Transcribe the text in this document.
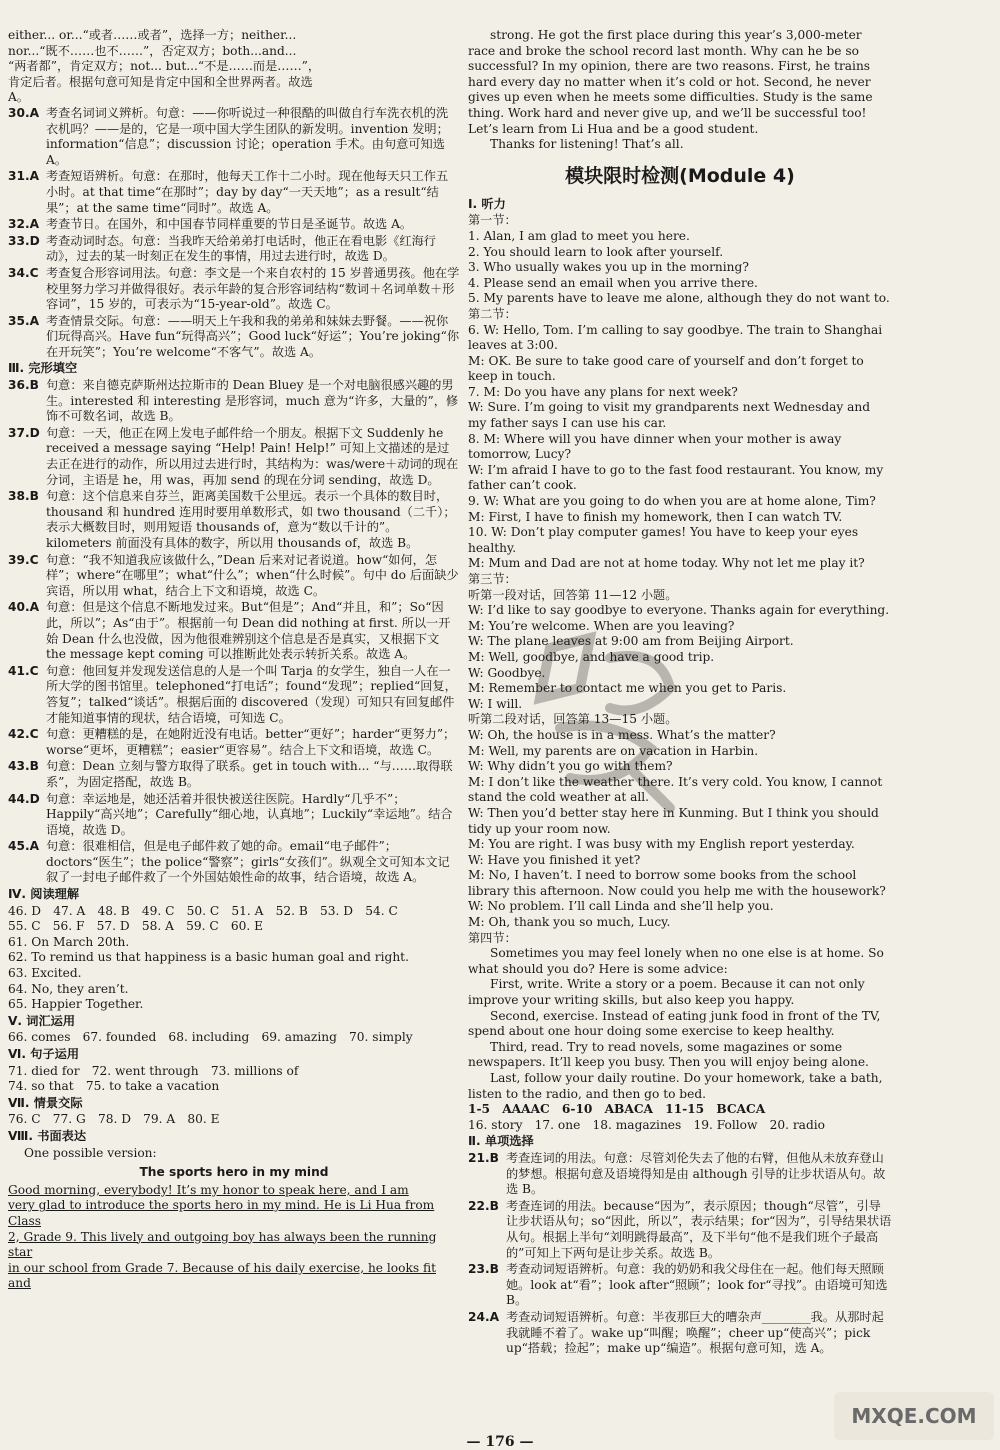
either... or...“或者……或者”，选择一方；neither...

nor...“既不……也不……”，否定双方；both...and...

“两者都”，肯定双方；not... but...“不是……而是……”，

肯定后者。根据句意可知是肯定中国和全世界两者。故选

A。

30.A 考查名词词义辨析。句意：——你听说过一种很酷的叫做自行车洗衣机的洗衣机吗？——是的，它是一项中国大学生团队的新发明。invention 发明；information“信息”；discussion 讨论；operation 手术。由句意可知选 A。
31.A 考查短语辨析。句意：在那时，他每天工作十二小时。现在他每天只工作五小时。at that time“在那时”；day by day“一天天地”；as a result“结果”；at the same time“同时”。故选 A。
32.A 考查节日。在国外，和中国春节同样重要的节日是圣诞节。故选 A。
33.D 考查动词时态。句意：当我昨天给弟弟打电话时，他正在看电影《红海行动》，过去的某一时刻正在发生的事情，用过去进行时，故选 D。
34.C 考查复合形容词用法。句意：李文是一个来自农村的 15 岁普通男孩。他在学校里努力学习并做得很好。表示年龄的复合形容词结构“数词＋名词单数＋形容词”，15 岁的，可表示为“15-year-old”。故选 C。
35.A 考查情景交际。句意：——明天上午我和我的弟弟和妹妹去野餐。——祝你们玩得高兴。Have fun“玩得高兴”；Good luck“好运”；You’re joking“你在开玩笑”；You’re welcome“不客气”。故选 A。

Ⅲ. 完形填空

36.B 句意：来自德克萨斯州达拉斯市的 Dean Bluey 是一个对电脑很感兴趣的男生。interested 和 interesting 是形容词，much 意为“许多，大量的”，修饰不可数名词，故选 B。
37.D 句意：一天，他正在网上发电子邮件给一个朋友。根据下文 Suddenly he received a message saying “Help! Pain! Help!” 可知上文描述的是过去正在进行的动作，所以用过去进行时，其结构为：was/were＋动词的现在分词，主语是 he，用 was，再加 send 的现在分词 sending，故选 D。
38.B 句意：这个信息来自芬兰，距离美国数千公里远。表示一个具体的数目时，thousand 和 hundred 连用时要用单数形式，如 two thousand（二千）；表示大概数目时，则用短语 thousands of，意为“数以千计的”。kilometers 前面没有具体的数字，所以用 thousands of，故选 B。
39.C 句意：“我不知道我应该做什么，”Dean 后来对记者说道。how“如何，怎样”；where“在哪里”；what“什么”；when“什么时候”。句中 do 后面缺少宾语，所以用 what，结合上下文和语境，故选 C。
40.A 句意：但是这个信息不断地发过来。But“但是”；And“并且，和”；So“因此，所以”；As“由于”。根据前一句 Dean did nothing at first. 所以一开始 Dean 什么也没做，因为他很难辨别这个信息是否是真实，又根据下文 the message kept coming 可以推断此处表示转折关系。故选 A。
41.C 句意：他回复并发现发送信息的人是一个叫 Tarja 的女学生，独自一人在一所大学的图书馆里。telephoned“打电话”；found“发现”；replied“回复，答复”；talked“谈话”。根据后面的 discovered（发现）可知只有回复邮件才能知道事情的现状，结合语境，可知选 C。
42.C 句意：更糟糕的是，在她附近没有电话。better“更好”；harder“更努力”；worse“更坏，更糟糕”；easier“更容易”。结合上下文和语境，故选 C。
43.B 句意：Dean 立刻与警方取得了联系。get in touch with... “与……取得联系”，为固定搭配，故选 B。
44.D 句意：幸运地是，她还活着并很快被送往医院。Hardly“几乎不”；Happily“高兴地”；Carefully“细心地，认真地”；Luckily“幸运地”。结合语境，故选 D。
45.A 句意：很难相信，但是电子邮件救了她的命。email“电子邮件”；doctors“医生”；the police“警察”；girls“女孩们”。纵观全文可知本文记叙了一封电子邮件救了一个外国姑娘性命的故事，结合语境，故选 A。

Ⅳ. 阅读理解

46. D　47. A　48. B　49. C　50. C　51. A　52. B　53. D　54. C

55. C　56. F　57. D　58. A　59. C　60. E

61. On March 20th.

62. To remind us that happiness is a basic human goal and right.

63. Excited.

64. No, they aren’t.

65. Happier Together.

Ⅴ. 词汇运用

66. comes　67. founded　68. including　69. amazing　70. simply

Ⅵ. 句子运用

71. died for　72. went through　73. millions of

74. so that　75. to take a vacation

Ⅶ. 情景交际

76. C　77. G　78. D　79. A　80. E

Ⅷ. 书面表达

One possible version:

The sports hero in my mind

Good morning, everybody! It’s my honor to speak here, and I am

very glad to introduce the sports hero in my mind. He is Li Hua from Class

2, Grade 9. This lively and outgoing boy has always been the running star

in our school from Grade 7. Because of his daily exercise, he looks fit and

strong. He got the first place during this year’s 3,000-meter race and broke the school record last month. Why can he be so successful? In my opinion, there are two reasons. First, he trains hard every day no matter when it’s cold or hot. Second, he never gives up even when he meets some difficulties. Study is the same thing. Work hard and never give up, and we’ll be successful too! Let’s learn from Li Hua and be a good student.

Thanks for listening! That’s all.

模块限时检测(Module 4)

Ⅰ. 听力

第一节：

1. Alan, I am glad to meet you here.

2. You should learn to look after yourself.

3. Who usually wakes you up in the morning?

4. Please send an email when you arrive there.

5. My parents have to leave me alone, although they do not want to.

第二节：

6. W: Hello, Tom. I’m calling to say goodbye. The train to Shanghai leaves at 3:00.

M: OK. Be sure to take good care of yourself and don’t forget to keep in touch.

7. M: Do you have any plans for next week?

W: Sure. I’m going to visit my grandparents next Wednesday and my father says I can use his car.

8. M: Where will you have dinner when your mother is away tomorrow, Lucy?

W: I’m afraid I have to go to the fast food restaurant. You know, my father can’t cook.

9. W: What are you going to do when you are at home alone, Tim?

M: First, I have to finish my homework, then I can watch TV.

10. W: Don’t play computer games! You have to keep your eyes healthy.

M: Mum and Dad are not at home today. Why not let me play it?

第三节：

听第一段对话，回答第 11—12 小题。

W: I’d like to say goodbye to everyone. Thanks again for everything.

M: You’re welcome. When are you leaving?

W: The plane leaves at 9:00 am from Beijing Airport.

M: Well, goodbye, and have a good trip.

W: Goodbye.

M: Remember to contact me when you get to Paris.

W: I will.

听第二段对话，回答第 13—15 小题。

W: Oh, the house is in a mess. What’s the matter?

M: Well, my parents are on vacation in Harbin.

W: Why didn’t you go with them?

M: I don’t like the weather there. It’s very cold. You know, I cannot stand the cold weather at all.

W: Then you’d better stay here in Kunming. But I think you should tidy up your room now.

M: You are right. I was busy with my English report yesterday.

W: Have you finished it yet?

M: No, I haven’t. I need to borrow some books from the school library this afternoon. Now could you help me with the housework?

W: No problem. I’ll call Linda and she’ll help you.

M: Oh, thank you so much, Lucy.

第四节：

Sometimes you may feel lonely when no one else is at home. So what should you do? Here is some advice:

First, write. Write a story or a poem. Because it can not only improve your writing skills, but also keep you happy.

Second, exercise. Instead of eating junk food in front of the TV, spend about one hour doing some exercise to keep healthy.

Third, read. Try to read novels, some magazines or some newspapers. It’ll keep you busy. Then you will enjoy being alone.

Last, follow your daily routine. Do your homework, take a bath, listen to the radio, and then go to bed.

1-5　AAAAC　6-10　ABACA　11-15　BCACA

16. story　17. one　18. magazines　19. Follow　20. radio

Ⅱ. 单项选择

21.B 考查连词的用法。句意：尽管刘伦失去了他的右臂，但他从未放弃登山的梦想。根据句意及语境得知是由 although 引导的让步状语从句。故选 B。
22.B 考查连词的用法。because“因为”，表示原因；though“尽管”，引导让步状语从句；so“因此，所以”，表示结果；for“因为”，引导结果状语从句。根据上半句“刘明跳得最高”，及下半句“他不是我们班个子最高的”可知上下两句是让步关系。故选 B。
23.B 考查动词短语辨析。句意：我的奶奶和我父母住在一起。他们每天照顾她。look at“看”；look after“照顾”；look for“寻找”。由语境可知选 B。
24.A 考查动词短语辨析。句意：半夜那巨大的嘈杂声________我。从那时起我就睡不着了。wake up“叫醒；唤醒”；cheer up“使高兴”；pick up“搭载；捡起”；make up“编造”。根据句意可知，选 A。

— 176 —

MXQE.COM
